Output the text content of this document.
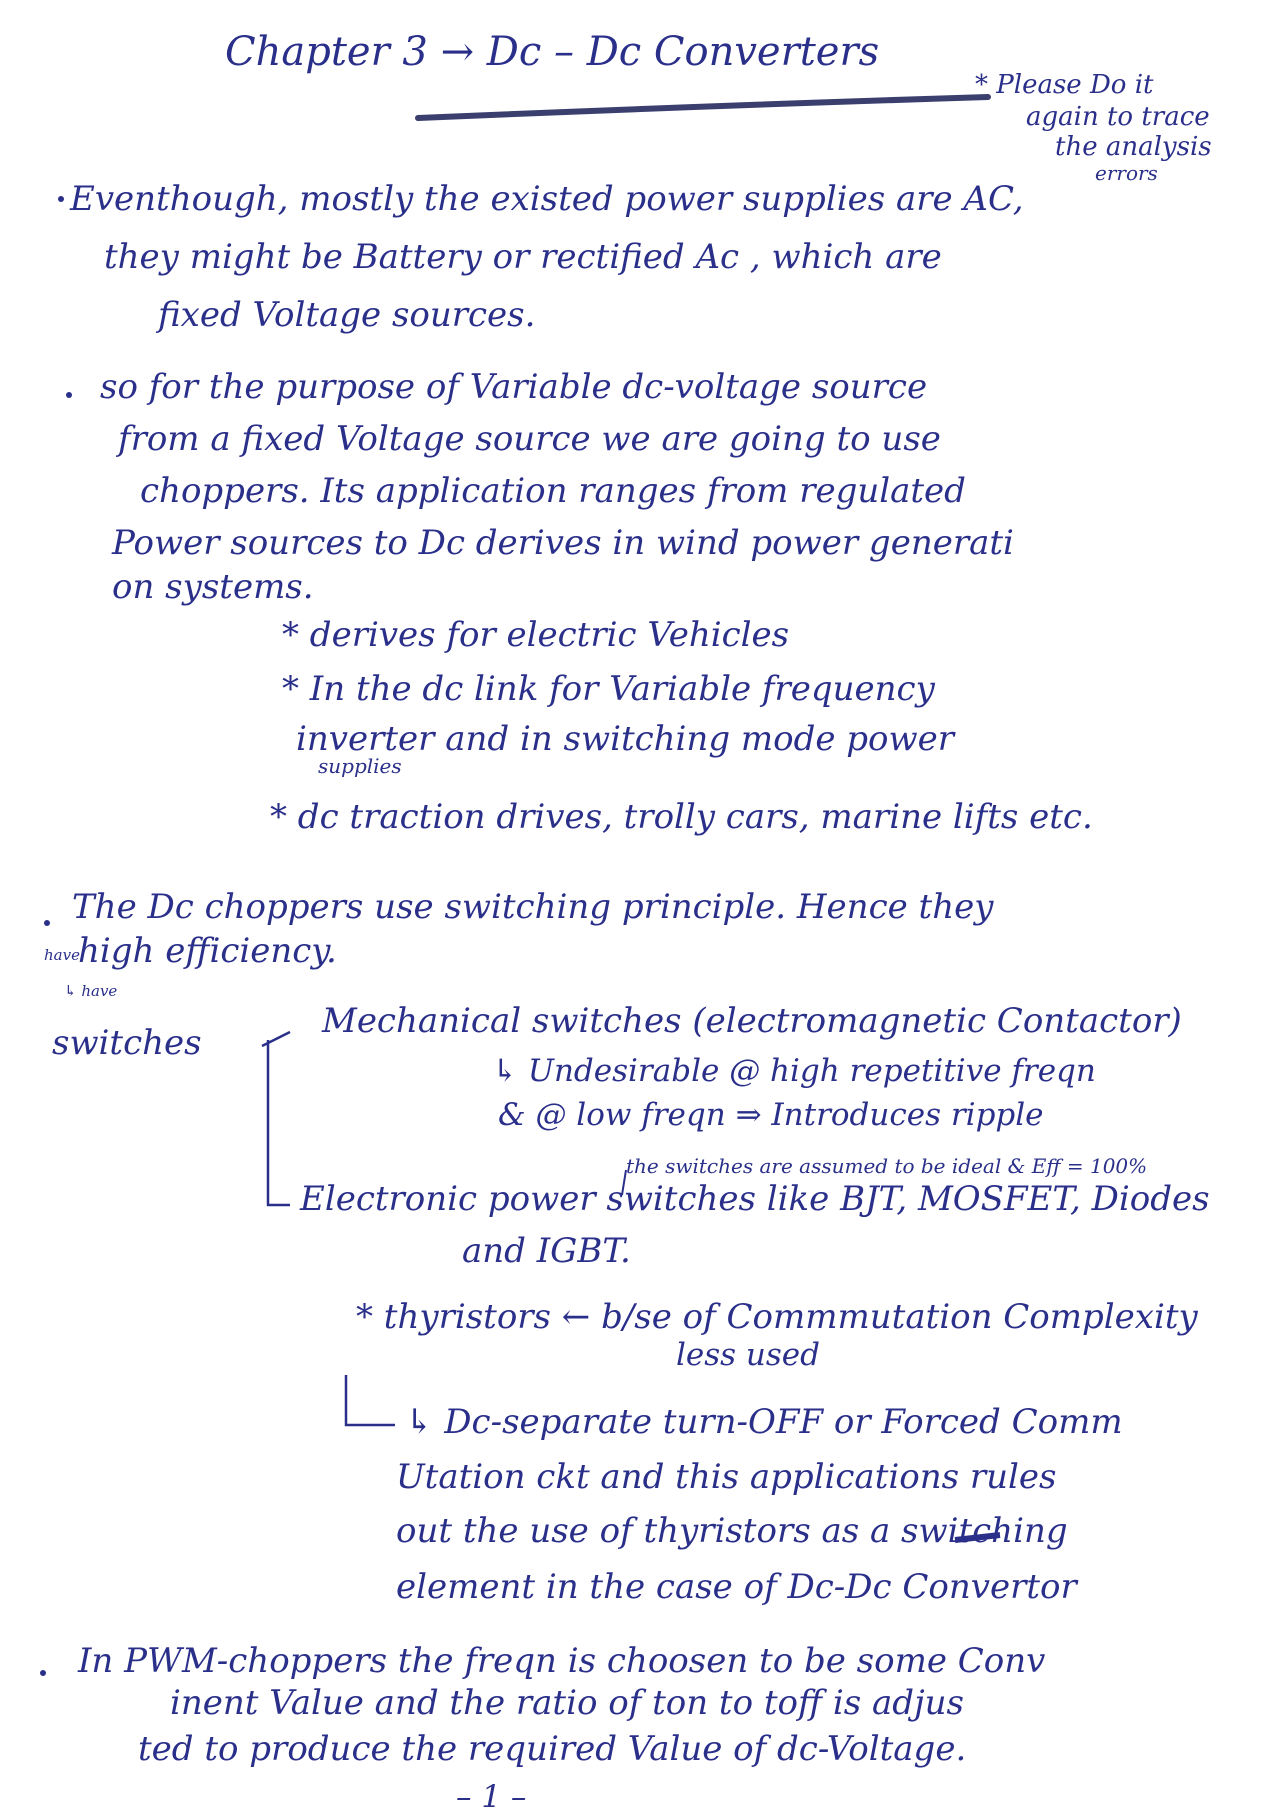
Chapter 3 → Dc – Dc Converters
* Please Do it
again to trace
the analysis
errors
Eventhough, mostly the existed power supplies are AC,
they might be Battery or rectified Ac , which are
fixed Voltage sources.
so for the purpose of Variable dc-voltage source
from a fixed Voltage source we are going to use
choppers. Its application ranges from regulated
Power sources to Dc derives in wind power generati
on systems.
* derives for electric Vehicles
* In the dc link for Variable frequency
inverter and in switching mode power
supplies
* dc traction drives, trolly cars, marine lifts etc.
The Dc choppers use switching principle. Hence they
have
high efficiency.
↳ have
switches
Mechanical switches (electromagnetic Contactor)
↳ Undesirable @ high repetitive freqn
& @ low freqn ⇒ Introduces ripple
the switches are assumed to be ideal & Eff = 100%
Electronic power switches like BJT, MOSFET, Diodes
and IGBT.
* thyristors ← b/se of Commmutation Complexity
less used
↳ Dc-separate turn-OFF or Forced Comm
Utation ckt and this applications rules
out the use of thyristors as a switching
element in the case of Dc-Dc Convertor
In PWM-choppers the freqn is choosen to be some Conv
inent Value and the ratio of ton to toff is adjus
ted to produce the required Value of dc-Voltage.
– 1 –
